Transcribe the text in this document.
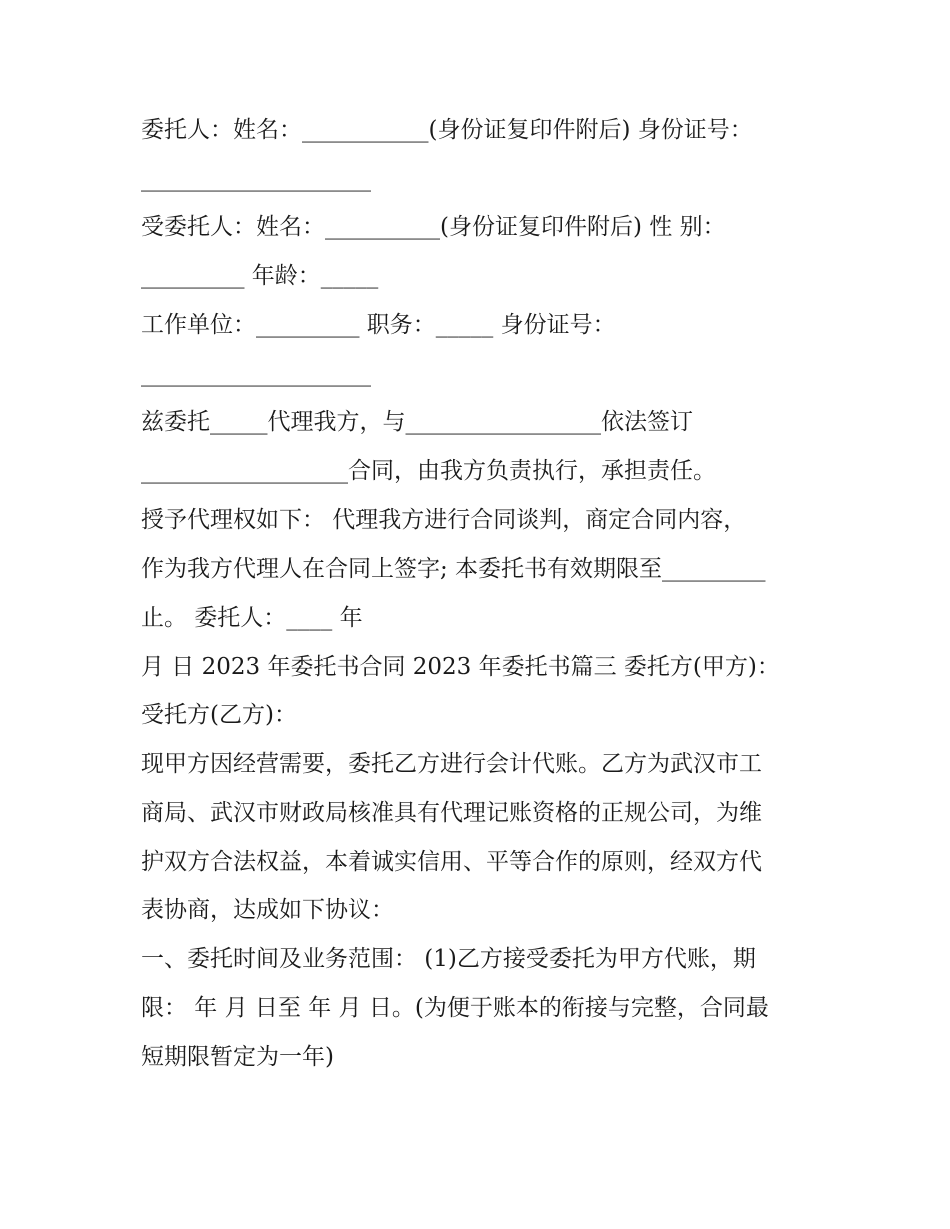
委托人：姓名：___________(身份证复印件附后) 身份证号：

____________________

受委托人：姓名：__________(身份证复印件附后) 性 别：

_________ 年龄：_____

工作单位：_________ 职务：_____ 身份证号：

____________________

兹委托_____代理我方，与_________________依法签订

__________________合同，由我方负责执行，承担责任。

授予代理权如下： 代理我方进行合同谈判，商定合同内容，

作为我方代理人在合同上签字; 本委托书有效期限至_________

止。 委托人：____ 年

月 日 2023 年委托书合同 2023 年委托书篇三 委托方(甲方)：

受托方(乙方)：

现甲方因经营需要，委托乙方进行会计代账。乙方为武汉市工

商局、武汉市财政局核准具有代理记账资格的正规公司，为维

护双方合法权益，本着诚实信用、平等合作的原则，经双方代

表协商，达成如下协议：

一、委托时间及业务范围： (1)乙方接受委托为甲方代账，期

限： 年 月 日至 年 月 日。(为便于账本的衔接与完整，合同最

短期限暂定为一年)
